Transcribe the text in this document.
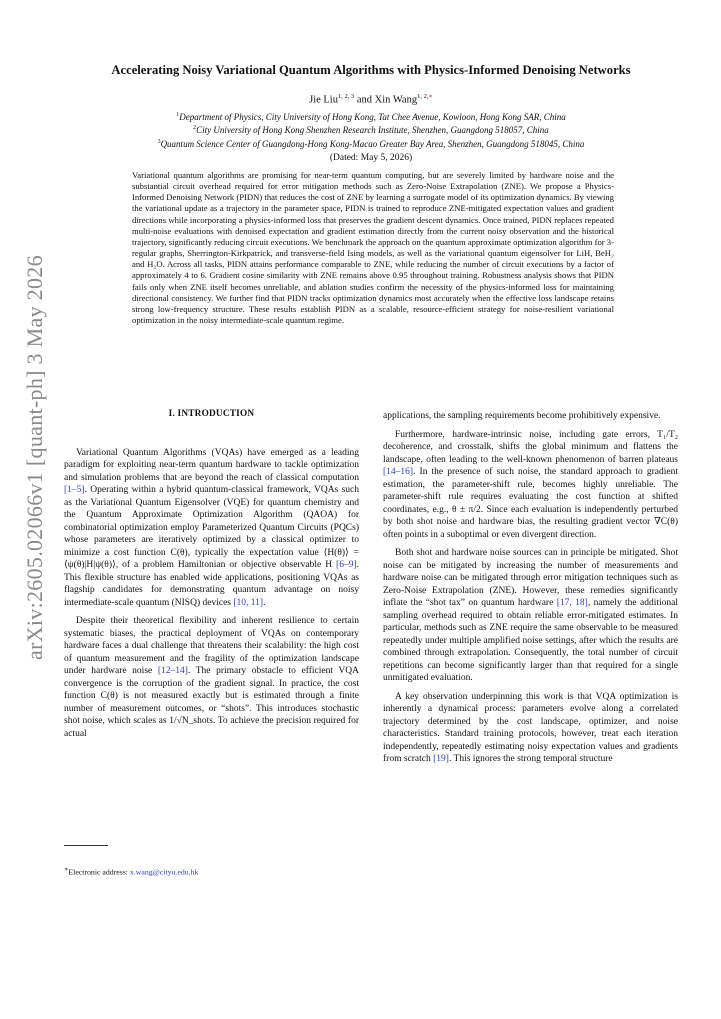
arXiv:2605.02066v1 [quant-ph] 3 May 2026
Accelerating Noisy Variational Quantum Algorithms with Physics-Informed Denoising Networks
Jie Liu$^{1, 2, 3}$ and Xin Wang$^{1, 2,∗}$

$^1$Department of Physics, City University of Hong Kong, Tat Chee Avenue, Kowloon, Hong Kong SAR, China

$^2$City University of Hong Kong Shenzhen Research Institute, Shenzhen, Guangdong 518057, China

$^3$Quantum Science Center of Guangdong-Hong Kong-Macao Greater Bay Area, Shenzhen, Guangdong 518045, China

(Dated: May 5, 2026)

Variational quantum algorithms are promising for near-term quantum computing, but are severely limited by hardware noise and the substantial circuit overhead required for error mitigation methods such as Zero-Noise Extrapolation (ZNE). We propose a Physics-Informed Denoising Network (PIDN) that reduces the cost of ZNE by learning a surrogate model of its optimization dynamics. By viewing the variational update as a trajectory in the parameter space, PIDN is trained to reproduce ZNE-mitigated expectation values and gradient directions while incorporating a physics-informed loss that preserves the gradient descent dynamics. Once trained, PIDN replaces repeated multi-noise evaluations with denoised expectation and gradient estimation directly from the current noisy observation and the historical trajectory, significantly reducing circuit executions. We benchmark the approach on the quantum approximate optimization algorithm for 3-regular graphs, Sherrington-Kirkpatrick, and transverse-field Ising models, as well as the variational quantum eigensolver for LiH, BeH₂ and H₂O. Across all tasks, PIDN attains performance comparable to ZNE, while reducing the number of circuit executions by a factor of approximately 4 to 6. Gradient cosine similarity with ZNE remains above 0.95 throughout training. Robustness analysis shows that PIDN fails only when ZNE itself becomes unreliable, and ablation studies confirm the necessity of the physics-informed loss for maintaining directional consistency. We further find that PIDN tracks optimization dynamics most accurately when the effective loss landscape retains strong low-frequency structure. These results establish PIDN as a scalable, resource-efficient strategy for noise-resilient variational optimization in the noisy intermediate-scale quantum regime.

I. INTRODUCTION

Variational Quantum Algorithms (VQAs) have emerged as a leading paradigm for exploiting near-term quantum hardware to tackle optimization and simulation problems that are beyond the reach of classical computation [1–5]. Operating within a hybrid quantum-classical framework, VQAs such as the Variational Quantum Eigensolver (VQE) for quantum chemistry and the Quantum Approximate Optimization Algorithm (QAOA) for combinatorial optimization employ Parameterized Quantum Circuits (PQCs) whose parameters are iteratively optimized by a classical optimizer to minimize a cost function C(θ), typically the expectation value ⟨H(θ)⟩ = ⟨ψ(θ)|H|ψ(θ)⟩, of a problem Hamiltonian or objective observable H [6–9]. This flexible structure has enabled wide applications, positioning VQAs as flagship candidates for demonstrating quantum advantage on noisy intermediate-scale quantum (NISQ) devices [10, 11].

Despite their theoretical flexibility and inherent resilience to certain systematic biases, the practical deployment of VQAs on contemporary hardware faces a dual challenge that threatens their scalability: the high cost of quantum measurement and the fragility of the optimization landscape under hardware noise [12–14]. The primary obstacle to efficient VQA convergence is the corruption of the gradient signal. In practice, the cost function C(θ) is not measured exactly but is estimated through a finite number of measurement outcomes, or “shots”. This introduces stochastic shot noise, which scales as 1/√N_shots. To achieve the precision required for actual

applications, the sampling requirements become prohibitively expensive.

Furthermore, hardware-intrinsic noise, including gate errors, T₁/T₂ decoherence, and crosstalk, shifts the global minimum and flattens the landscape, often leading to the well-known phenomenon of barren plateaus [14–16]. In the presence of such noise, the standard approach to gradient estimation, the parameter-shift rule, becomes highly unreliable. The parameter-shift rule requires evaluating the cost function at shifted coordinates, e.g., θ ± π/2. Since each evaluation is independently perturbed by both shot noise and hardware bias, the resulting gradient vector ∇C(θ) often points in a suboptimal or even divergent direction.

Both shot and hardware noise sources can in principle be mitigated. Shot noise can be mitigated by increasing the number of measurements and hardware noise can be mitigated through error mitigation techniques such as Zero-Noise Extrapolation (ZNE). However, these remedies significantly inflate the “shot tax” on quantum hardware [17, 18], namely the additional sampling overhead required to obtain reliable error-mitigated estimates. In particular, methods such as ZNE require the same observable to be measured repeatedly under multiple amplified noise settings, after which the results are combined through extrapolation. Consequently, the total number of circuit repetitions can become significantly larger than that required for a single unmitigated evaluation.

A key observation underpinning this work is that VQA optimization is inherently a dynamical process: parameters evolve along a correlated trajectory determined by the cost landscape, optimizer, and noise characteristics. Standard training protocols, however, treat each iteration independently, repeatedly estimating noisy expectation values and gradients from scratch [19]. This ignores the strong temporal structure

∗Electronic address: x.wang@cityu.edu.hk
